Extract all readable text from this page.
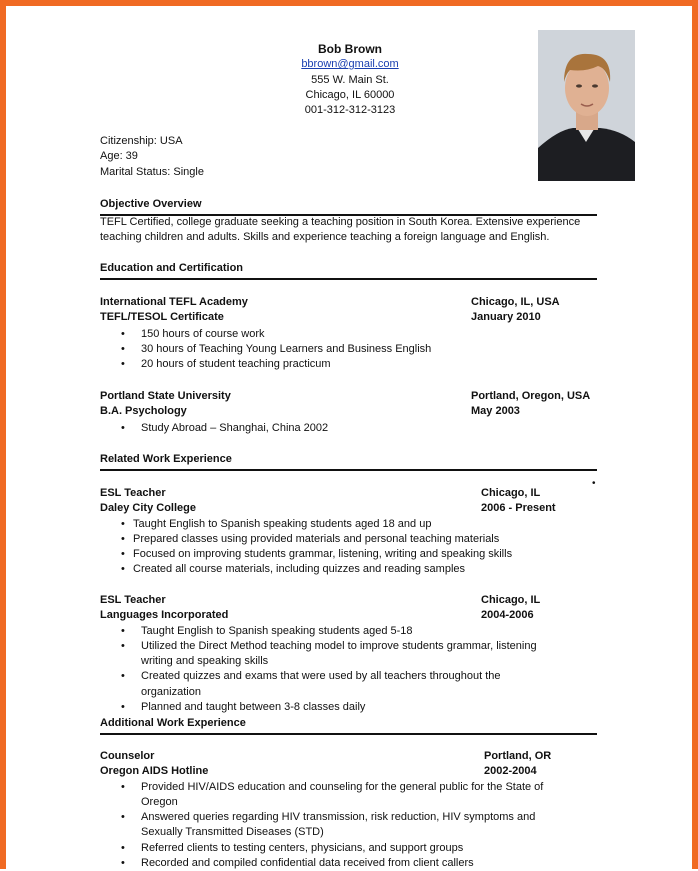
Bob Brown
bbrown@gmail.com
555 W. Main St.
Chicago, IL 60000
001-312-312-3123
Citizenship: USA
Age: 39
Marital Status: Single
Objective Overview
TEFL Certified, college graduate seeking a teaching position in South Korea. Extensive experience teaching children and adults. Skills and experience teaching a foreign language and English.
Education and Certification
International TEFL Academy	Chicago, IL, USA
TEFL/TESOL Certificate	January 2010
• 150 hours of course work
• 30 hours of Teaching Young Learners and Business English
• 20 hours of student teaching practicum
Portland State University	Portland, Oregon, USA
B.A. Psychology	May 2003
• Study Abroad – Shanghai, China 2002
Related Work Experience
•
ESL Teacher	Chicago, IL
Daley City College	2006 - Present
• Taught English to Spanish speaking students aged 18 and up
• Prepared classes using provided materials and personal teaching materials
• Focused on improving students grammar, listening, writing and speaking skills
• Created all course materials, including quizzes and reading samples
ESL Teacher	Chicago, IL
Languages Incorporated	2004-2006
• Taught English to Spanish speaking students aged 5-18
• Utilized the Direct Method teaching model to improve students grammar, listening writing and speaking skills
• Created quizzes and exams that were used by all teachers throughout the organization
• Planned and taught between 3-8 classes daily
Additional Work Experience
Counselor	Portland, OR
Oregon AIDS Hotline	2002-2004
• Provided HIV/AIDS education and counseling for the general public for the State of Oregon
• Answered queries regarding HIV transmission, risk reduction, HIV symptoms and Sexually Transmitted Diseases (STD)
• Referred clients to testing centers, physicians, and support groups
• Recorded and compiled confidential data received from client callers
